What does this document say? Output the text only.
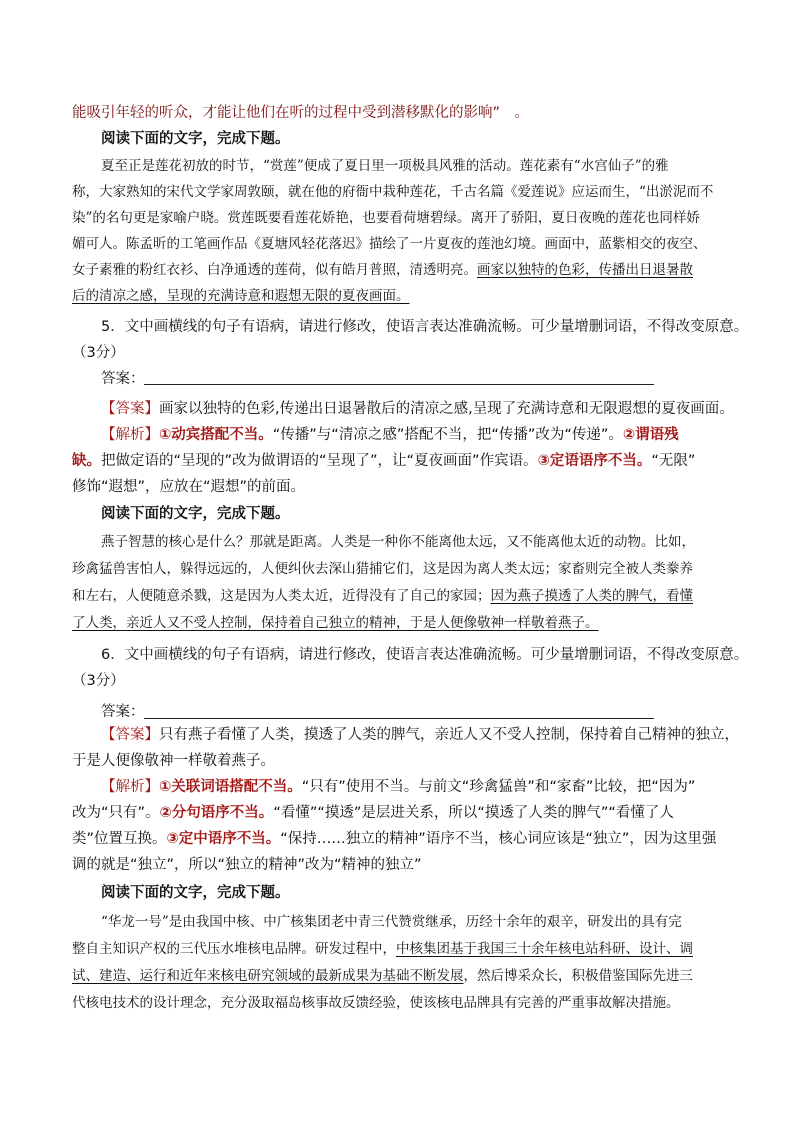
能吸引年轻的听众，才能让他们在听的过程中受到潜移默化的影响”　。
阅读下面的文字，完成下题。
夏至正是莲花初放的时节，“赏莲”便成了夏日里一项极具风雅的活动。莲花素有“水宫仙子”的雅
称，大家熟知的宋代文学家周敦颐，就在他的府衙中栽种莲花，千古名篇《爱莲说》应运而生，“出淤泥而不
染”的名句更是家喻户晓。赏莲既要看莲花娇艳，也要看荷塘碧绿。离开了骄阳，夏日夜晚的莲花也同样娇
媚可人。陈孟昕的工笔画作品《夏塘风轻花落迟》描绘了一片夏夜的莲池幻境。画面中，蓝紫相交的夜空、
女子素雅的粉红衣衫、白净通透的莲荷，似有皓月普照，清透明亮。画家以独特的色彩，传播出日退暑散
后的清凉之感，呈现的充满诗意和遐想无限的夏夜画面。
5．文中画横线的句子有语病，请进行修改，使语言表达准确流畅。可少量增删词语，不得改变原意。
（3分）
答案：
【答案】画家以独特的色彩,传递出日退暑散后的清凉之感,呈现了充满诗意和无限遐想的夏夜画面。
【解析】①动宾搭配不当。“传播”与“清凉之感”搭配不当，把“传播”改为“传递”。②谓语残
缺。把做定语的“呈现的”改为做谓语的“呈现了”，让“夏夜画面”作宾语。③定语语序不当。“无限”
修饰“遐想”，应放在“遐想”的前面。
阅读下面的文字，完成下题。
燕子智慧的核心是什么？那就是距离。人类是一种你不能离他太远，又不能离他太近的动物。比如，
珍禽猛兽害怕人，躲得远远的，人便纠伙去深山猎捕它们，这是因为离人类太远；家畜则完全被人类豢养
和左右，人便随意杀戮，这是因为人类太近，近得没有了自己的家园；因为燕子摸透了人类的脾气，看懂
了人类，亲近人又不受人控制，保持着自己独立的精神，于是人便像敬神一样敬着燕子。
6．文中画横线的句子有语病，请进行修改，使语言表达准确流畅。可少量增删词语，不得改变原意。
（3分）
答案：
【答案】只有燕子看懂了人类，摸透了人类的脾气，亲近人又不受人控制，保持着自己精神的独立，
于是人便像敬神一样敬着燕子。
【解析】①关联词语搭配不当。“只有”使用不当。与前文“珍禽猛兽”和“家畜”比较，把“因为”
改为“只有”。②分句语序不当。“看懂”“摸透”是层进关系，所以“摸透了人类的脾气”“看懂了人
类”位置互换。③定中语序不当。“保持……独立的精神”语序不当，核心词应该是“独立”，因为这里强
调的就是“独立”，所以“独立的精神”改为“精神的独立”
阅读下面的文字，完成下题。
“华龙一号”是由我国中核、中广核集团老中青三代赞赏继承，历经十余年的艰辛，研发出的具有完
整自主知识产权的三代压水堆核电品牌。研发过程中，中核集团基于我国三十余年核电站科研、设计、调
试、建造、运行和近年来核电研究领域的最新成果为基础不断发展，然后博采众长，积极借鉴国际先进三
代核电技术的设计理念，充分汲取福岛核事故反馈经验，使该核电品牌具有完善的严重事故解决措施。
